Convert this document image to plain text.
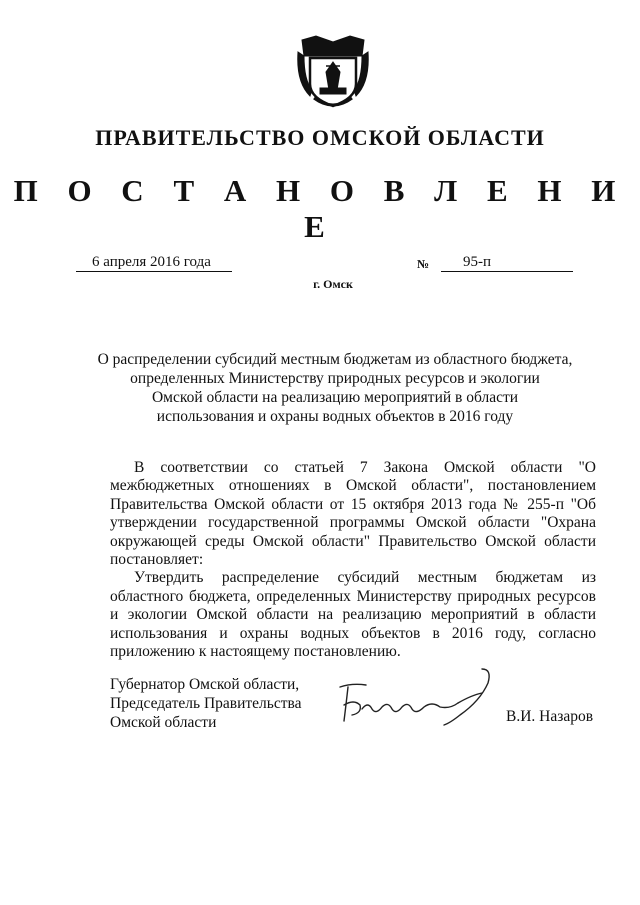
ПРАВИТЕЛЬСТВО ОМСКОЙ ОБЛАСТИ
П О С Т А Н О В Л Е Н И Е
6 апреля 2016 года	№ 95-п
г. Омск
О распределении субсидий местным бюджетам из областного бюджета,
определенных Министерству природных ресурсов и экологии
Омской области на реализацию мероприятий в области
использования и охраны водных объектов в 2016 году

В соответствии со статьей 7 Закона Омской области "О межбюджетных отношениях в Омской области", постановлением Правительства Омской области от 15 октября 2013 года № 255-п "Об утверждении государственной программы Омской области "Охрана окружающей среды Омской области" Правительство Омской области постановляет:

Утвердить распределение субсидий местным бюджетам из областного бюджета, определенных Министерству природных ресурсов и экологии Омской области на реализацию мероприятий в области использования и охраны водных объектов в 2016 году, согласно приложению к настоящему постановлению.

Губернатор Омской области,
Председатель Правительства
Омской области	В.И. Назаров
